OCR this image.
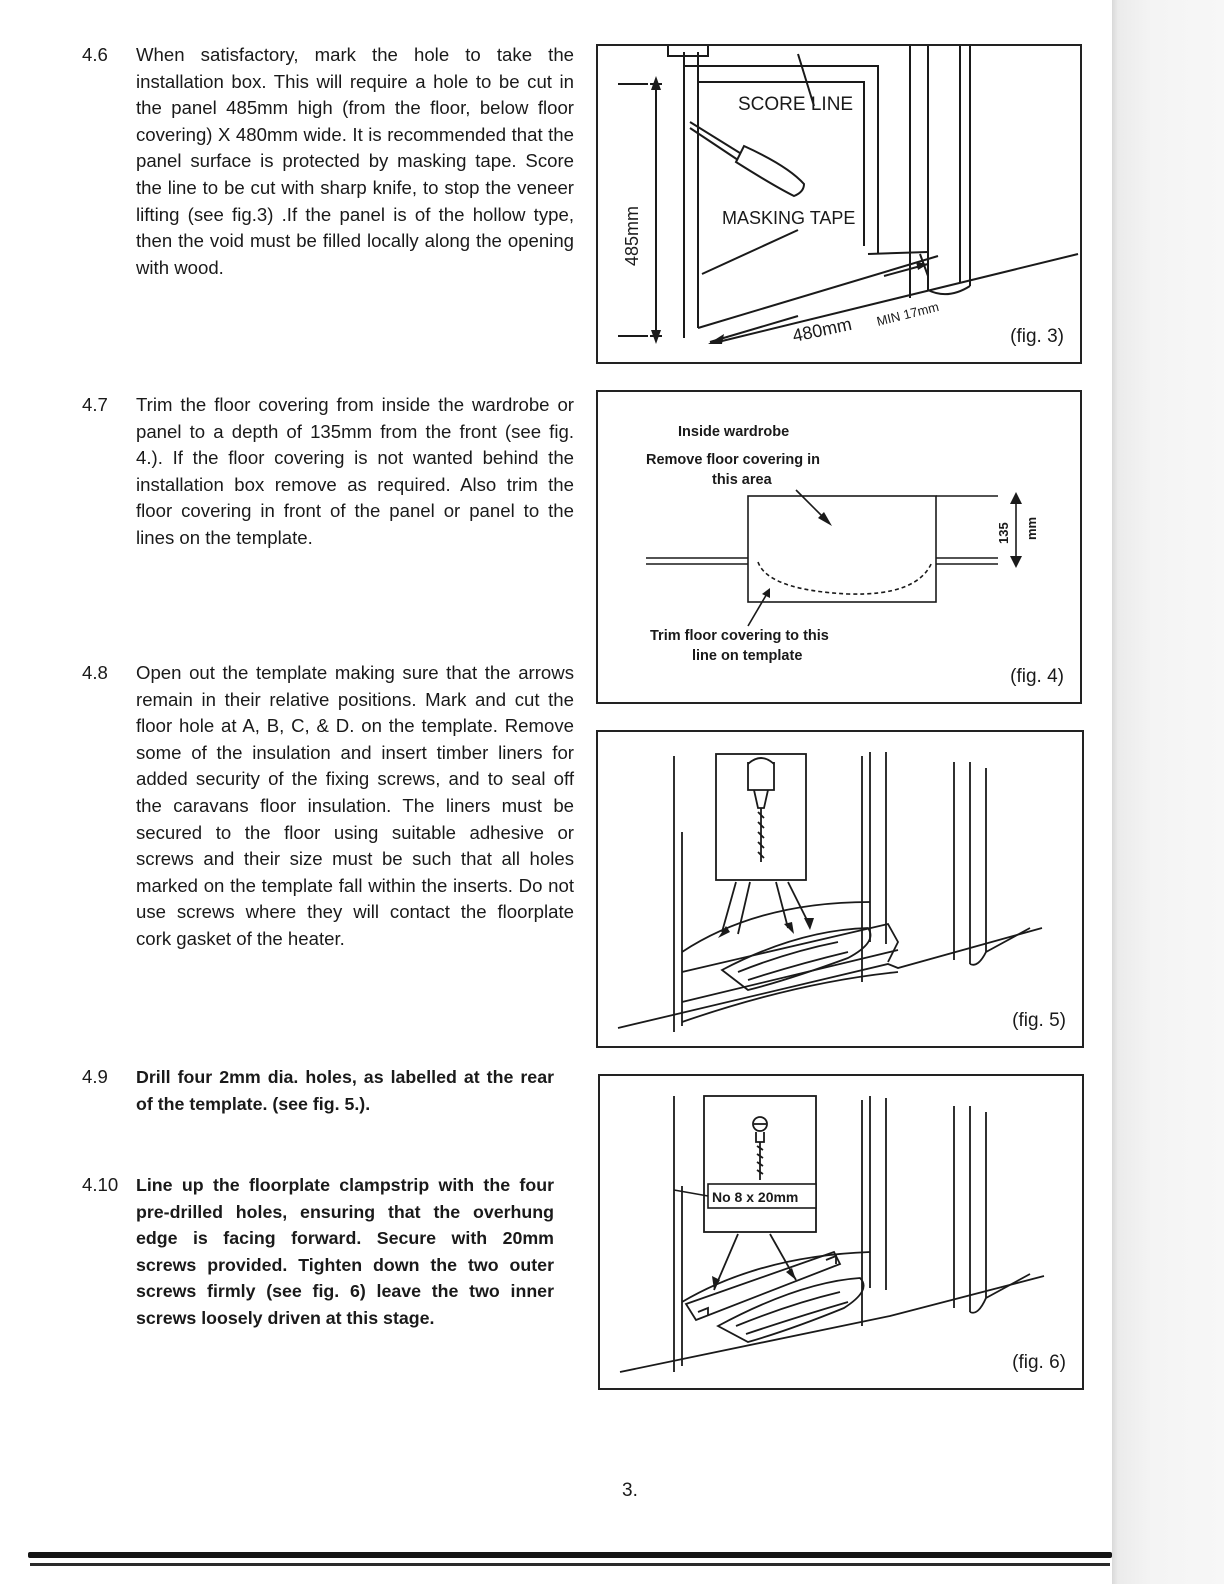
4.6 When satisfactory, mark the hole to take the installation box. This will require a hole to be cut in the panel 485mm high (from the floor, below floor covering) X 480mm wide. It is recommended that the panel surface is protected by masking tape. Score the line to be cut with sharp knife, to stop the veneer lifting (see fig.3) .If the panel is of the hollow type, then the void must be filled locally along the opening with wood.
4.7 Trim the floor covering from inside the wardrobe or panel to a depth of 135mm from the front (see fig. 4.). If the floor covering is not wanted behind the installation box remove as required. Also trim the floor covering in front of the panel or panel to the lines on the template.
4.8 Open out the template making sure that the arrows remain in their relative positions. Mark and cut the floor hole at A, B, C, & D. on the template. Remove some of the insulation and insert timber liners for added security of the fixing screws, and to seal off the caravans floor insulation. The liners must be secured to the floor using suitable adhesive or screws and their size must be such that all holes marked on the template fall within the inserts. Do not use screws where they will contact the floorplate cork gasket of the heater.
4.9 Drill four 2mm dia. holes, as labelled at the rear of the template. (see fig. 5.).
4.10 Line up the floorplate clampstrip with the four pre-drilled holes, ensuring that the overhung edge is facing forward. Secure with 20mm screws provided. Tighten down the two outer screws firmly (see fig. 6) leave the two inner screws loosely driven at this stage.
SCORE LINE
MASKING TAPE
485mm
480mm MIN 17mm
(fig. 3)
Inside wardrobe
Remove floor covering in
this area
Trim floor covering to this
line on template
135 mm
(fig. 4)
(fig. 5)
No 8 x 20mm
(fig. 6)
3.
